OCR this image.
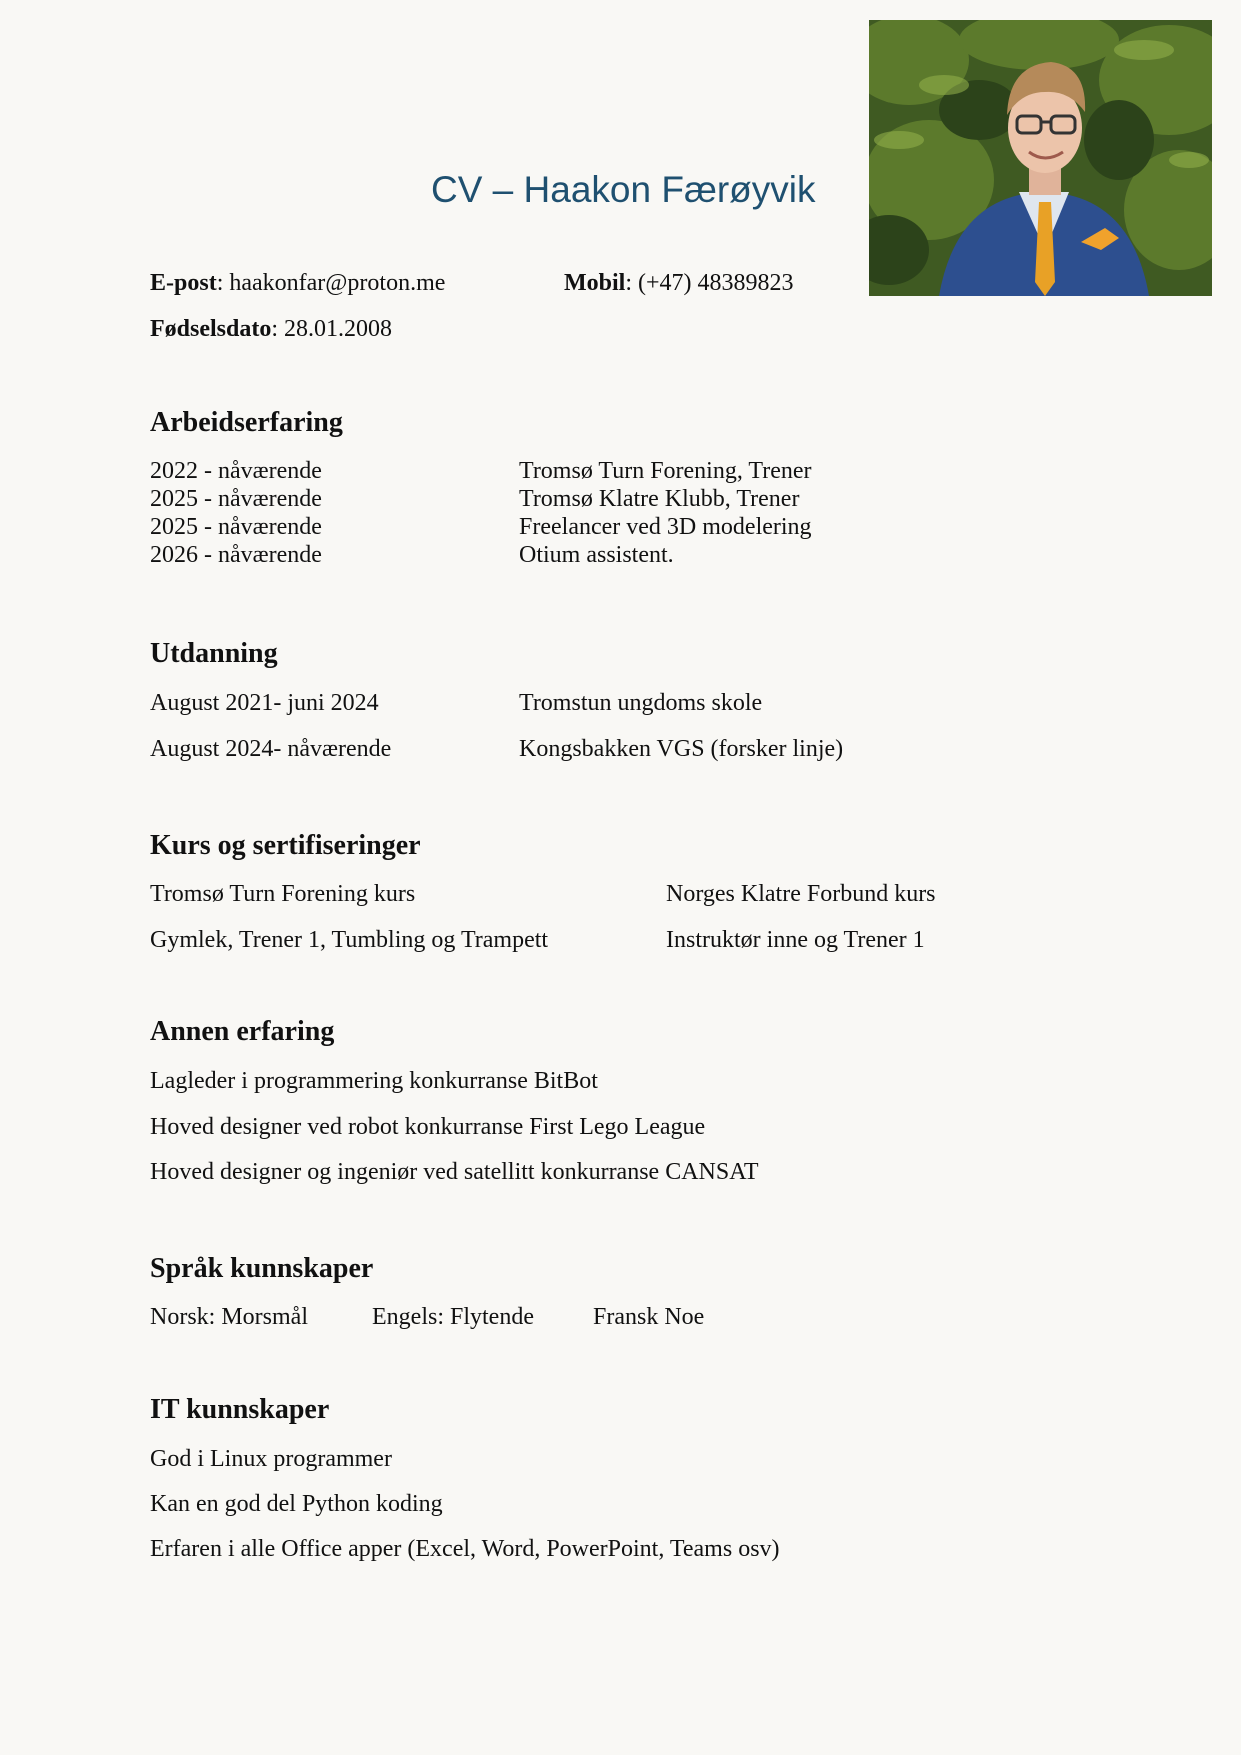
CV – Haakon Færøyvik
E-post: haakonfar@proton.me	Mobil: (+47) 48389823
Fødselsdato: 28.01.2008
Arbeidserfaring
2022 - nåværende	Tromsø Turn Forening, Trener
2025 - nåværende	Tromsø Klatre Klubb, Trener
2025 - nåværende	Freelancer ved 3D modelering
2026 - nåværende	Otium assistent.
Utdanning
August 2021- juni 2024	Tromstun ungdoms skole
August 2024- nåværende	Kongsbakken VGS (forsker linje)
Kurs og sertifiseringer
Tromsø Turn Forening kurs	Norges Klatre Forbund kurs
Gymlek, Trener 1, Tumbling og Trampett	Instruktør inne og Trener 1
Annen erfaring
Lagleder i programmering konkurranse BitBot
Hoved designer ved robot konkurranse First Lego League
Hoved designer og ingeniør ved satellitt konkurranse CANSAT
Språk kunnskaper
Norsk: Morsmål	Engels: Flytende Fransk Noe
IT kunnskaper
God i Linux programmer
Kan en god del Python koding
Erfaren i alle Office apper (Excel, Word, PowerPoint, Teams osv)
